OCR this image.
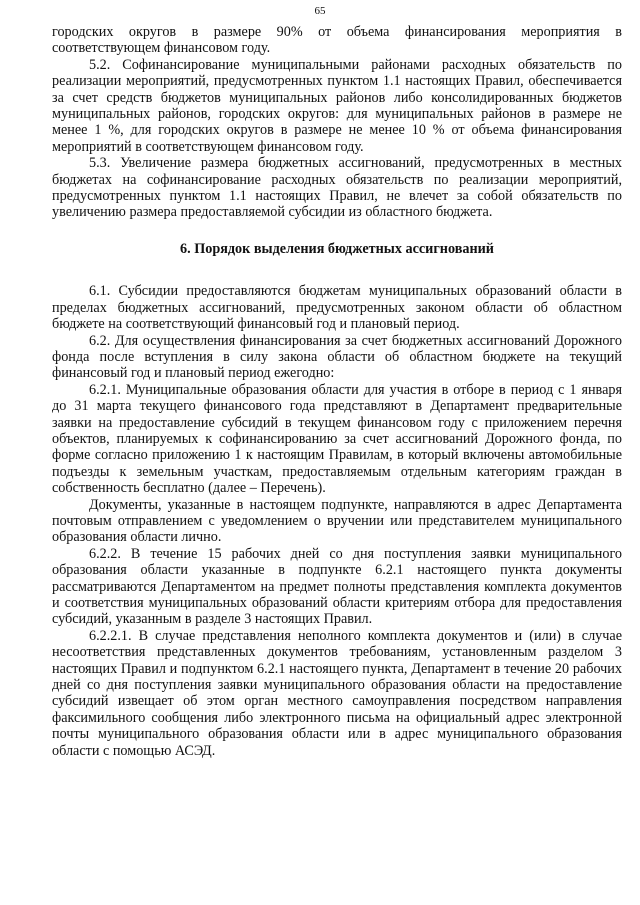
65

городских округов в размере 90% от объема финансирования мероприятия в соответствующем финансовом году.

5.2. Софинансирование муниципальными районами расходных обязательств по реализации мероприятий, предусмотренных пунктом 1.1 настоящих Правил, обеспечивается за счет средств бюджетов муниципальных районов либо консолидированных бюджетов муниципальных районов, городских округов: для муниципальных районов в размере не менее 1 %, для городских округов в размере не менее 10 % от объема финансирования мероприятий в соответствующем финансовом году.

5.3. Увеличение размера бюджетных ассигнований, предусмотренных в местных бюджетах на софинансирование расходных обязательств по реализации мероприятий, предусмотренных пунктом 1.1 настоящих Правил, не влечет за собой обязательств по увеличению размера предоставляемой субсидии из областного бюджета.

6. Порядок выделения бюджетных ассигнований

6.1. Субсидии предоставляются бюджетам муниципальных образований области в пределах бюджетных ассигнований, предусмотренных законом области об областном бюджете на соответствующий финансовый год и плановый период.

6.2. Для осуществления финансирования за счет бюджетных ассигнований Дорожного фонда после вступления в силу закона области об областном бюджете на текущий финансовый год и плановый период ежегодно:

6.2.1. Муниципальные образования области для участия в отборе в период с 1 января до 31 марта текущего финансового года представляют в Департамент предварительные заявки на предоставление субсидий в текущем финансовом году с приложением перечня объектов, планируемых к софинансированию за счет ассигнований Дорожного фонда, по форме согласно приложению 1 к настоящим Правилам, в который включены автомобильные подъезды к земельным участкам, предоставляемым отдельным категориям граждан в собственность бесплатно (далее – Перечень).

Документы, указанные в настоящем подпункте, направляются в адрес Департамента почтовым отправлением с уведомлением о вручении или представителем муниципального образования области лично.

6.2.2. В течение 15 рабочих дней со дня поступления заявки муниципального образования области указанные в подпункте 6.2.1 настоящего пункта документы рассматриваются Департаментом на предмет полноты представления комплекта документов и соответствия муниципальных образований области критериям отбора для предоставления субсидий, указанным в разделе 3 настоящих Правил.

6.2.2.1. В случае представления неполного комплекта документов и (или) в случае несоответствия представленных документов требованиям, установленным разделом 3 настоящих Правил и подпунктом 6.2.1 настоящего пункта, Департамент в течение 20 рабочих дней со дня поступления заявки муниципального образования области на предоставление субсидий извещает об этом орган местного самоуправления посредством направления факсимильного сообщения либо электронного письма на официальный адрес электронной почты муниципального образования области или в адрес муниципального образования области с помощью АСЭД.
